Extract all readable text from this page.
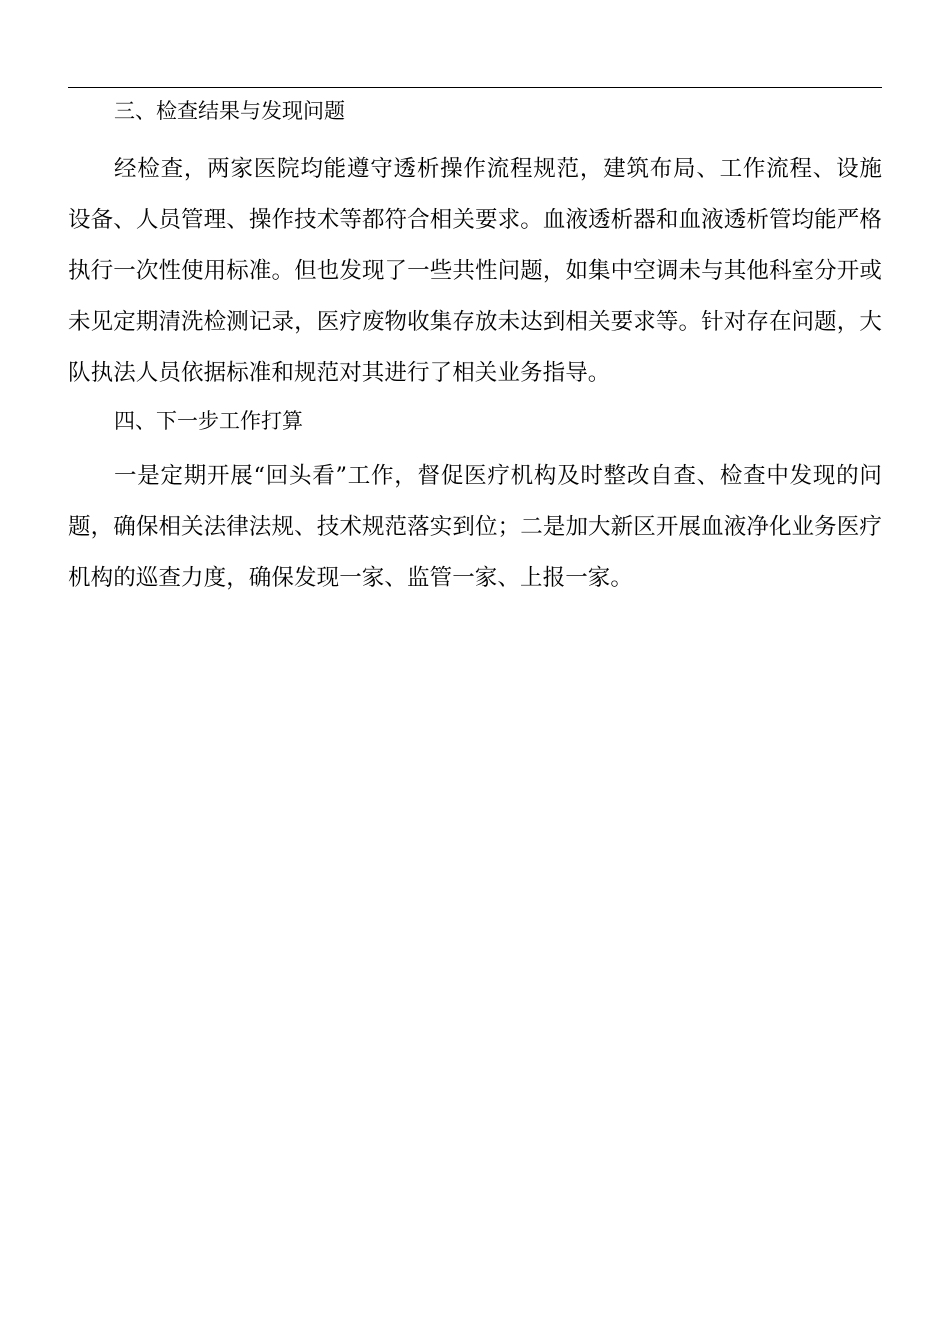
三、检查结果与发现问题

经检查，两家医院均能遵守透析操作流程规范，建筑布局、工作流程、设施设备、人员管理、操作技术等都符合相关要求。血液透析器和血液透析管均能严格执行一次性使用标准。但也发现了一些共性问题，如集中空调未与其他科室分开或未见定期清洗检测记录，医疗废物收集存放未达到相关要求等。针对存在问题，大队执法人员依据标准和规范对其进行了相关业务指导。

四、下一步工作打算

一是定期开展“回头看”工作，督促医疗机构及时整改自查、检查中发现的问题，确保相关法律法规、技术规范落实到位；二是加大新区开展血液净化业务医疗机构的巡查力度，确保发现一家、监管一家、上报一家。
